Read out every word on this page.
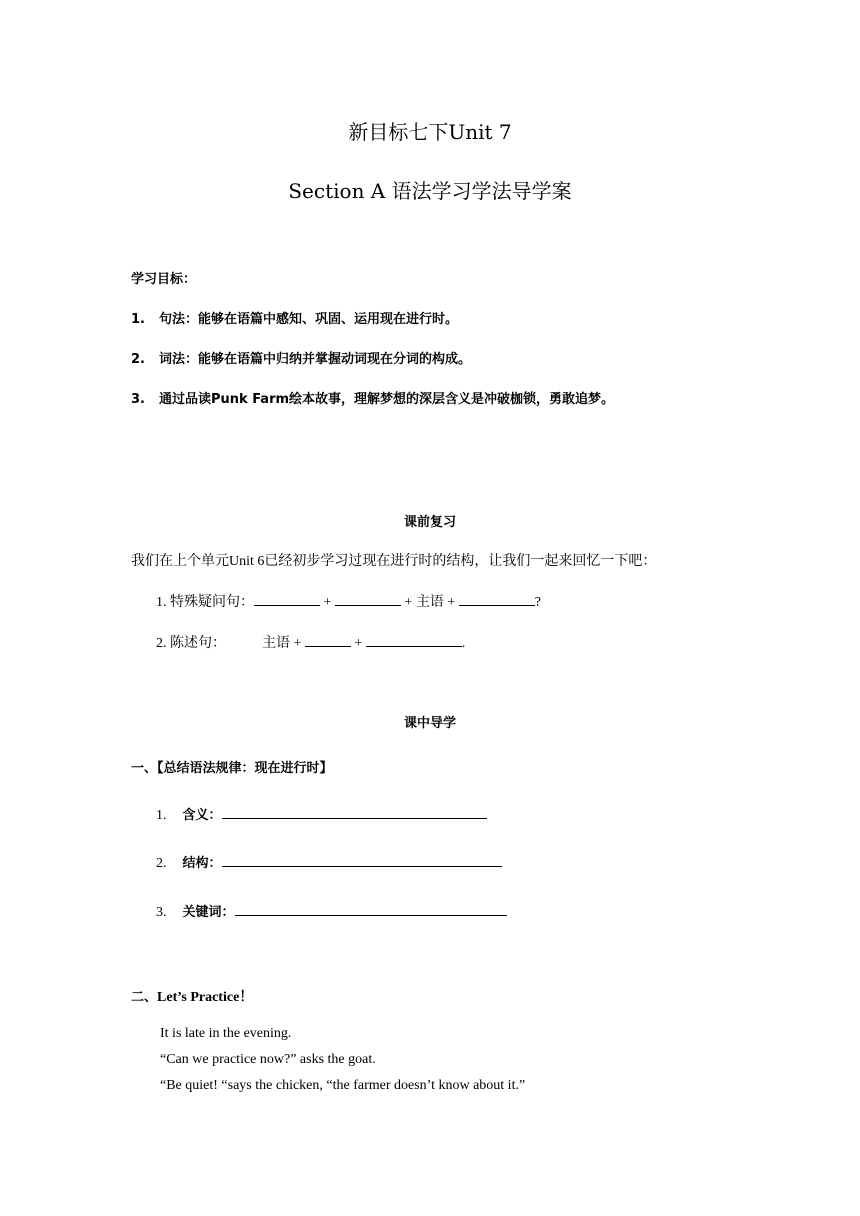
新目标七下Unit 7
Section A 语法学习学法导学案
学习目标：
1. 句法：能够在语篇中感知、巩固、运用现在进行时。
2. 词法：能够在语篇中归纳并掌握动词现在分词的构成。
3. 通过品读Punk Farm绘本故事，理解梦想的深层含义是冲破枷锁，勇敢追梦。
课前复习
我们在上个单元Unit 6已经初步学习过现在进行时的结构，让我们一起来回忆一下吧：
1. 特殊疑问句：	+	+ 主语 +	?
2. 陈述句：	主语 +	+	.
课中导学
一、【总结语法规律：现在进行时】
1. 含义：
2. 结构：
3. 关键词：
二、Let’s Practice！
It is late in the evening.
“Can we practice now?” asks the goat.
“Be quiet! “says the chicken, “the farmer doesn’t know about it.”
